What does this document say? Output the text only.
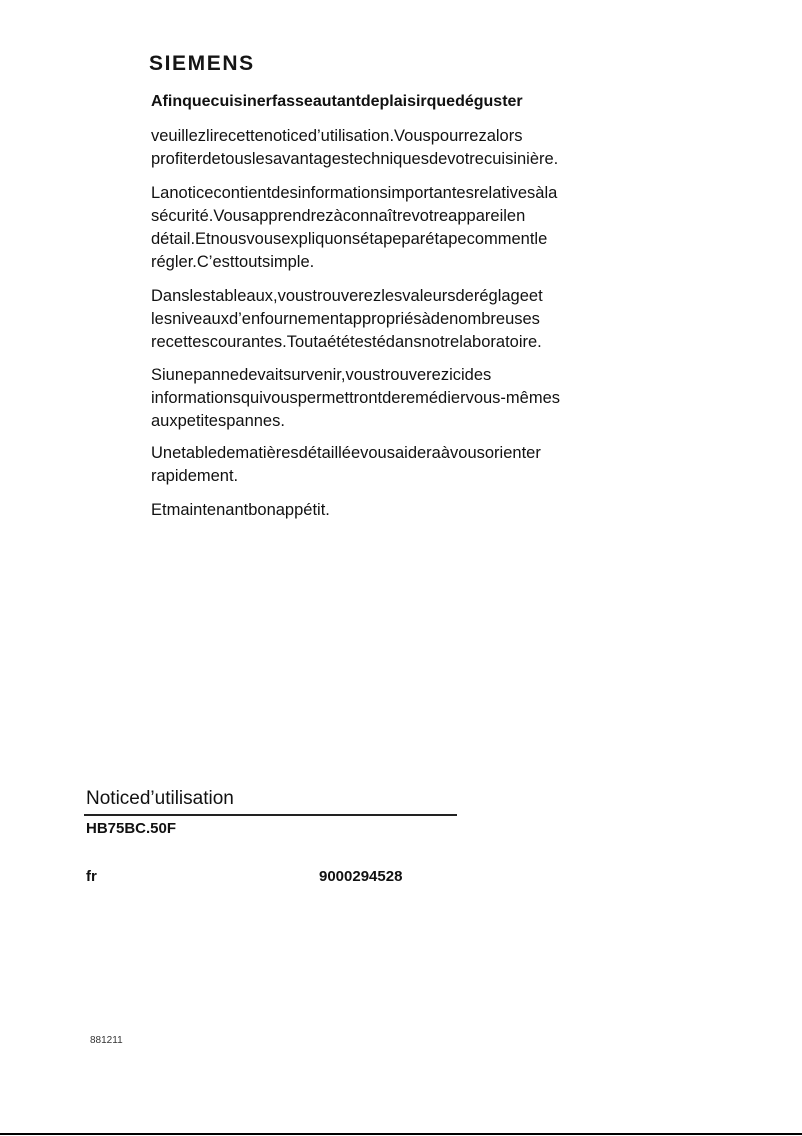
SIEMENS
Afinquecuisinerfasseautantdeplaisirquedéguster

veuillezlirecettenoticed’utilisation.Vouspourrezalors
profiterdetouslesavantagestechniquesdevotrecuisinière.

Lanoticecontientdesinformationsimportantesrelativesàla
sécurité.Vousapprendrezàconnaîtrevotreappareilen
détail.Etnousvousexpliquonsétapeparétapecommentle
régler.C’esttoutsimple.

Danslestableaux,voustrouverezlesvaleursderéglageet
lesniveauxd’enfournementappropriésàdenombreuses
recettescourantes.Toutaététestédansnotrelaboratoire.

Siunepannedevaitsurvenir,voustrouverezicides
informationsquivouspermettrontderemédiervous-mêmes
auxpetitespannes.

Unetabledematièresdétailléevousaideraàvousorienter
rapidement.

Etmaintenantbonappétit.

Noticed’utilisation
HB75BC.50F
fr	9000294528
881211
